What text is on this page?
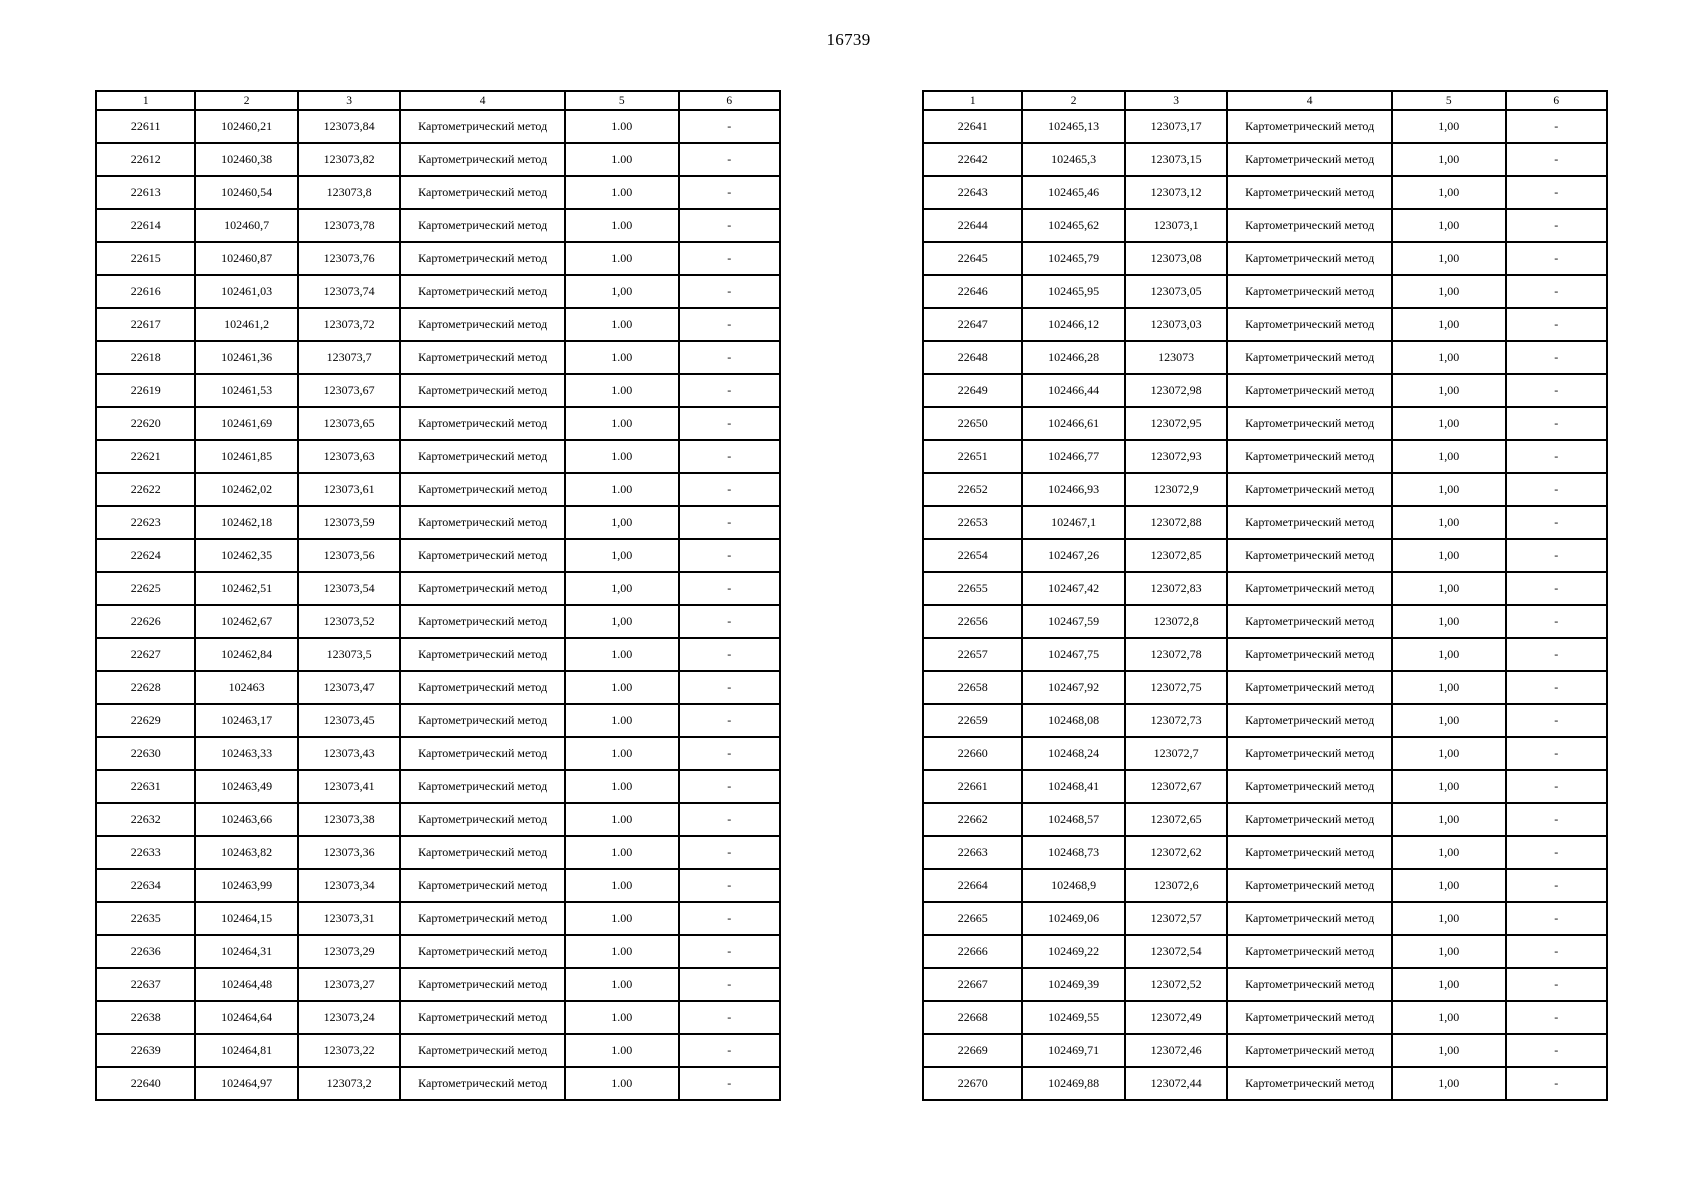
16739
1	2	3	4	5	6
22611	102460,21	123073,84	Картометрический метод	1.00	-
22612	102460,38	123073,82	Картометрический метод	1.00	-
22613	102460,54	123073,8	Картометрический метод	1.00	-
22614	102460,7	123073,78	Картометрический метод	1.00	-
22615	102460,87	123073,76	Картометрический метод	1.00	-
22616	102461,03	123073,74	Картометрический метод	1,00	-
22617	102461,2	123073,72	Картометрический метод	1.00	-
22618	102461,36	123073,7	Картометрический метод	1.00	-
22619	102461,53	123073,67	Картометрический метод	1.00	-
22620	102461,69	123073,65	Картометрический метод	1.00	-
22621	102461,85	123073,63	Картометрический метод	1.00	-
22622	102462,02	123073,61	Картометрический метод	1.00	-
22623	102462,18	123073,59	Картометрический метод	1,00	-
22624	102462,35	123073,56	Картометрический метод	1,00	-
22625	102462,51	123073,54	Картометрический метод	1,00	-
22626	102462,67	123073,52	Картометрический метод	1,00	-
22627	102462,84	123073,5	Картометрический метод	1.00	-
22628	102463	123073,47	Картометрический метод	1.00	-
22629	102463,17	123073,45	Картометрический метод	1.00	-
22630	102463,33	123073,43	Картометрический метод	1.00	-
22631	102463,49	123073,41	Картометрический метод	1.00	-
22632	102463,66	123073,38	Картометрический метод	1.00	-
22633	102463,82	123073,36	Картометрический метод	1.00	-
22634	102463,99	123073,34	Картометрический метод	1.00	-
22635	102464,15	123073,31	Картометрический метод	1.00	-
22636	102464,31	123073,29	Картометрический метод	1.00	-
22637	102464,48	123073,27	Картометрический метод	1.00	-
22638	102464,64	123073,24	Картометрический метод	1.00	-
22639	102464,81	123073,22	Картометрический метод	1.00	-
22640	102464,97	123073,2	Картометрический метод	1.00	-
1	2	3	4	5	6
22641	102465,13	123073,17	Картометрический метод	1,00	-
22642	102465,3	123073,15	Картометрический метод	1,00	-
22643	102465,46	123073,12	Картометрический метод	1,00	-
22644	102465,62	123073,1	Картометрический метод	1,00	-
22645	102465,79	123073,08	Картометрический метод	1,00	-
22646	102465,95	123073,05	Картометрический метод	1,00	-
22647	102466,12	123073,03	Картометрический метод	1,00	-
22648	102466,28	123073	Картометрический метод	1,00	-
22649	102466,44	123072,98	Картометрический метод	1,00	-
22650	102466,61	123072,95	Картометрический метод	1,00	-
22651	102466,77	123072,93	Картометрический метод	1,00	-
22652	102466,93	123072,9	Картометрический метод	1,00	-
22653	102467,1	123072,88	Картометрический метод	1,00	-
22654	102467,26	123072,85	Картометрический метод	1,00	-
22655	102467,42	123072,83	Картометрический метод	1,00	-
22656	102467,59	123072,8	Картометрический метод	1,00	-
22657	102467,75	123072,78	Картометрический метод	1,00	-
22658	102467,92	123072,75	Картометрический метод	1,00	-
22659	102468,08	123072,73	Картометрический метод	1,00	-
22660	102468,24	123072,7	Картометрический метод	1,00	-
22661	102468,41	123072,67	Картометрический метод	1,00	-
22662	102468,57	123072,65	Картометрический метод	1,00	-
22663	102468,73	123072,62	Картометрический метод	1,00	-
22664	102468,9	123072,6	Картометрический метод	1,00	-
22665	102469,06	123072,57	Картометрический метод	1,00	-
22666	102469,22	123072,54	Картометрический метод	1,00	-
22667	102469,39	123072,52	Картометрический метод	1,00	-
22668	102469,55	123072,49	Картометрический метод	1,00	-
22669	102469,71	123072,46	Картометрический метод	1,00	-
22670	102469,88	123072,44	Картометрический метод	1,00	-
